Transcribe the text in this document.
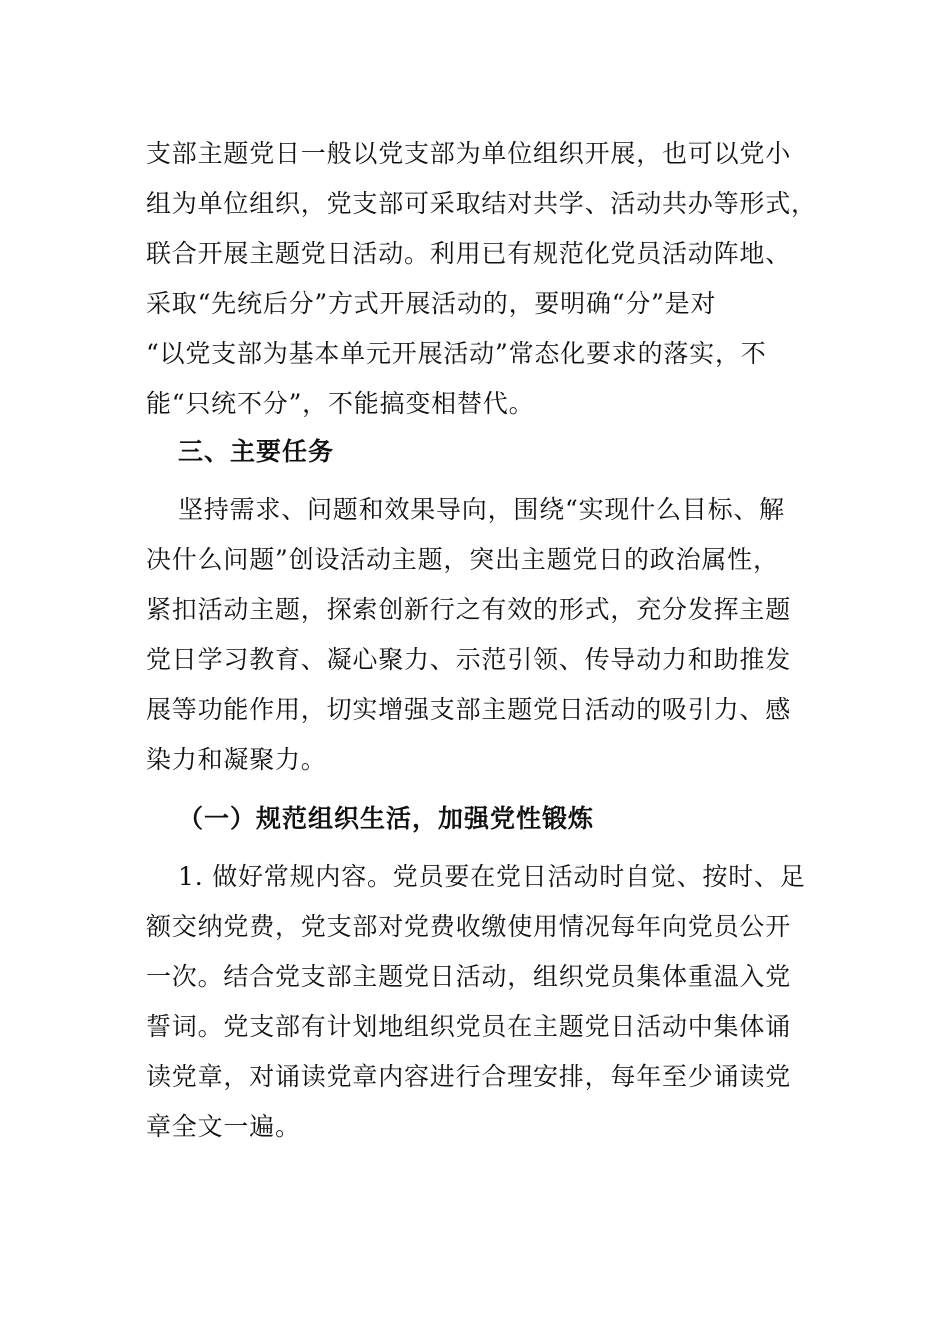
支部主题党日一般以党支部为单位组织开展，也可以党小
组为单位组织，党支部可采取结对共学、活动共办等形式，
联合开展主题党日活动。利用已有规范化党员活动阵地、
采取“先统后分”方式开展活动的，要明确“分”是对
“以党支部为基本单元开展活动”常态化要求的落实，不
能“只统不分”，不能搞变相替代。
三、主要任务
坚持需求、问题和效果导向，围绕“实现什么目标、解
决什么问题”创设活动主题，突出主题党日的政治属性，
紧扣活动主题，探索创新行之有效的形式，充分发挥主题
党日学习教育、凝心聚力、示范引领、传导动力和助推发
展等功能作用，切实增强支部主题党日活动的吸引力、感
染力和凝聚力。
（一）规范组织生活，加强党性锻炼
1. 做好常规内容。党员要在党日活动时自觉、按时、足
额交纳党费，党支部对党费收缴使用情况每年向党员公开
一次。结合党支部主题党日活动，组织党员集体重温入党
誓词。党支部有计划地组织党员在主题党日活动中集体诵
读党章，对诵读党章内容进行合理安排，每年至少诵读党
章全文一遍。
